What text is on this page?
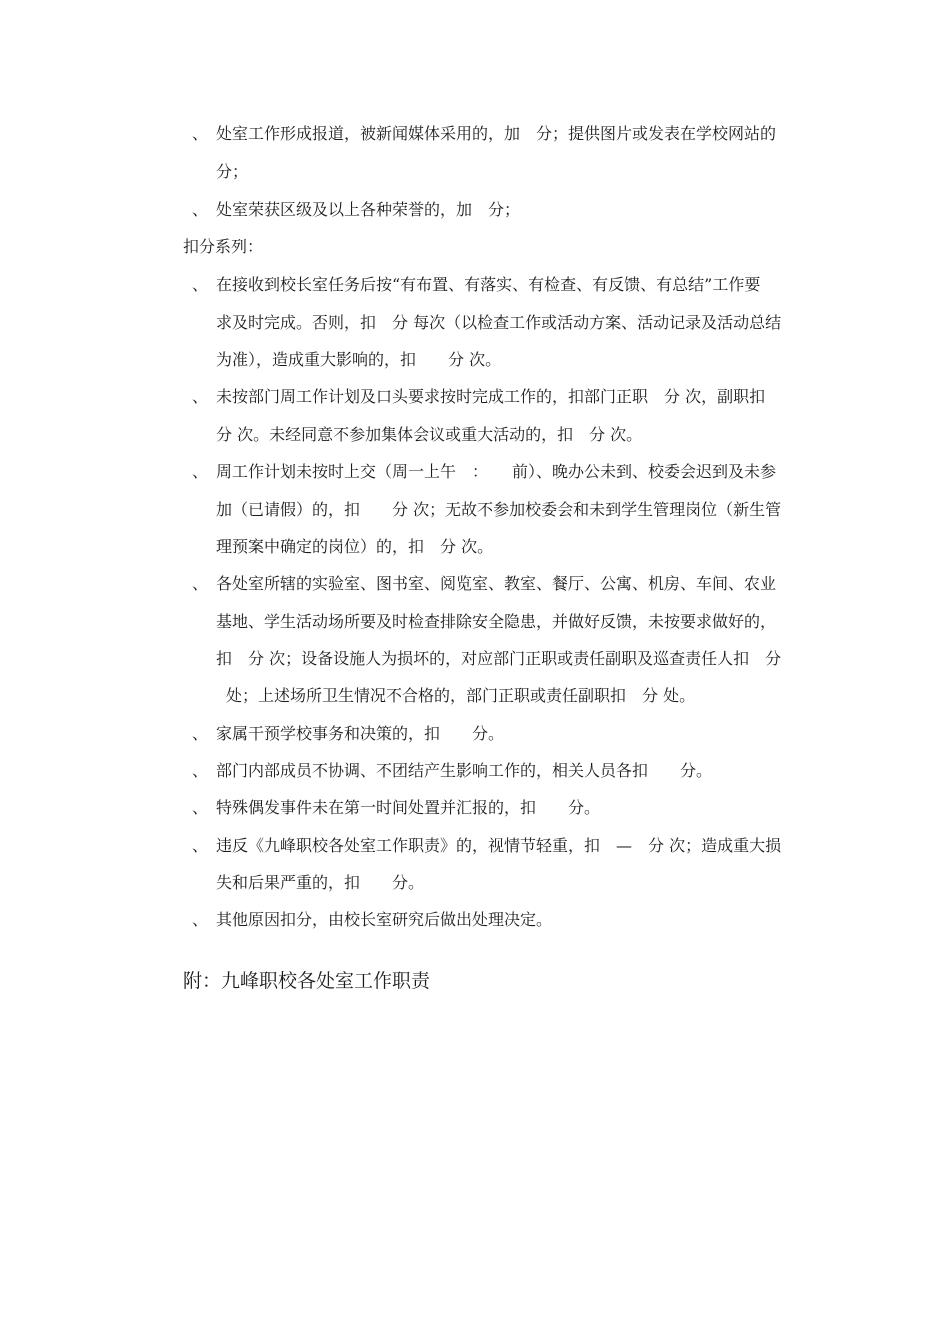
、 处室工作形成报道，被新闻媒体采用的，加　分；提供图片或发表在学校网站的
分；
、 处室荣获区级及以上各种荣誉的，加　分；
扣分系列：
、 在接收到校长室任务后按“有布置、有落实、有检查、有反馈、有总结”工作要
求及时完成。否则，扣　分 每次（以检查工作或活动方案、活动记录及活动总结
为准），造成重大影响的，扣　　分 次。
、 未按部门周工作计划及口头要求按时完成工作的，扣部门正职　分 次，副职扣
分 次。未经同意不参加集体会议或重大活动的，扣　分 次。
、 周工作计划未按时上交（周一上午　：　　前）、晚办公未到、校委会迟到及未参
加（已请假）的，扣　　分 次；无故不参加校委会和未到学生管理岗位（新生管
理预案中确定的岗位）的，扣　分 次。
、 各处室所辖的实验室、图书室、阅览室、教室、餐厅、公寓、机房、车间、农业
基地、学生活动场所要及时检查排除安全隐患，并做好反馈，未按要求做好的，
扣　分 次；设备设施人为损坏的，对应部门正职或责任副职及巡查责任人扣　分
处；上述场所卫生情况不合格的，部门正职或责任副职扣　分 处。
、 家属干预学校事务和决策的，扣　　分。
、 部门内部成员不协调、不团结产生影响工作的，相关人员各扣　　分。
、 特殊偶发事件未在第一时间处置并汇报的，扣　　分。
、 违反《九峰职校各处室工作职责》的，视情节轻重，扣　—　分 次；造成重大损
失和后果严重的，扣　　分。
、 其他原因扣分，由校长室研究后做出处理决定。
附：九峰职校各处室工作职责
